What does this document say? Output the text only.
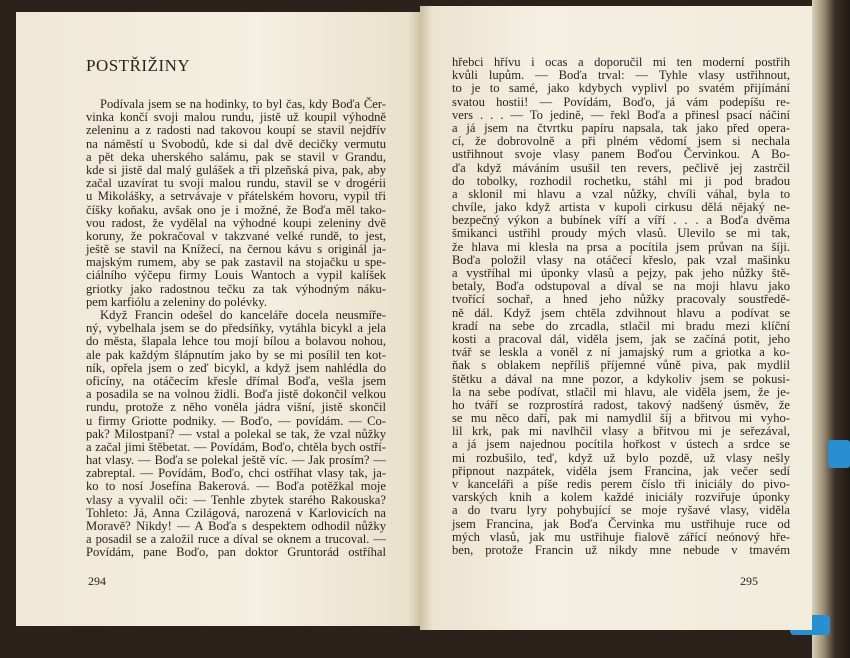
POSTŘIŽINY
Podívala jsem se na hodinky, to byl čas, kdy Boďa Čer-
vinka končí svoji malou rundu, jistě už koupil výhodně
zeleninu a z radosti nad takovou koupí se stavil nejdřív
na náměstí u Svobodů, kde si dal dvě decičky vermutu
a pět deka uherského salámu, pak se stavil v Grandu,
kde si jistě dal malý gulášek a tři plzeňská piva, pak, aby
začal uzavírat tu svoji malou rundu, stavil se v drogérii
u Mikolášky, a setrvávaje v přátelském hovoru, vypil tři
číšky koňaku, avšak ono je i možné, že Boďa měl tako-
vou radost, že vydělal na výhodné koupi zeleniny dvě
koruny, že pokračoval v takzvané velké rundě, to jest,
ještě se stavil na Knížecí, na černou kávu s originál ja-
majským rumem, aby se pak zastavil na stojačku u spe-
ciálního výčepu firmy Louis Wantoch a vypil kalíšek
griotky jako radostnou tečku za tak výhodným náku-
pem karfiólu a zeleniny do polévky.
Když Francin odešel do kanceláře docela neusmíře-
ný, vybelhala jsem se do předsíňky, vytáhla bicykl a jela
do města, šlapala lehce tou mojí bílou a bolavou nohou,
ale pak každým šlápnutím jako by se mi posílil ten kot-
ník, opřela jsem o zeď bicykl, a když jsem nahlédla do
oficíny, na otáčecím křesle dřímal Boďa, vešla jsem
a posadila se na volnou židli. Boďa jistě dokončil velkou
rundu, protože z něho voněla jádra višní, jistě skončil
u firmy Griotte podniky. — Boďo, — povídám. — Co-
pak? Milostpaní? — vstal a polekal se tak, že vzal nůžky
a začal jimi štěbetat. — Povídám, Boďo, chtěla bych ostří-
hat vlasy. — Boďa se polekal ještě víc. — Jak prosím? —
zabreptal. — Povídám, Boďo, chci ostříhat vlasy tak, ja-
ko to nosí Josefína Bakerová. — Boďa potěžkal moje
vlasy a vyvalil oči: — Tenhle zbytek starého Rakouska?
Tohleto: Já, Anna Czilágová, narozená v Karlovicích na
Moravě? Nikdy! — A Boďa s despektem odhodil nůžky
a posadil se a založil ruce a díval se oknem a trucoval. —
Povídám, pane Boďo, pan doktor Gruntorád ostříhal
hřebci hřívu i ocas a doporučil mi ten moderní postřih
kvůli lupům. — Boďa trval: — Tyhle vlasy ustřihnout,
to je to samé, jako kdybych vyplivl po svatém přijímání
svatou hostii! — Povídám, Boďo, já vám podepíšu re-
vers . . . — To jedině, — řekl Boďa a přinesl psací náčiní
a já jsem na čtvrtku papíru napsala, tak jako před opera-
cí, že dobrovolně a při plném vědomí jsem si nechala
ustřihnout svoje vlasy panem Boďou Červinkou. A Bo-
ďa když máváním usušil ten revers, pečlivě jej zastrčil
do tobolky, rozhodil rochetku, stáhl mi ji pod bradou
a sklonil mi hlavu a vzal nůžky, chvíli váhal, byla to
chvíle, jako když artista v kupoli cirkusu dělá nějaký ne-
bezpečný výkon a bubínek víří a víří . . . a Boďa dvěma
šmikanci ustřihl proudy mých vlasů. Ulevilo se mi tak,
že hlava mi klesla na prsa a pocítila jsem průvan na šíji.
Boďa položil vlasy na otáčecí křeslo, pak vzal mašinku
a vystříhal mi úponky vlasů a pejzy, pak jeho nůžky ště-
betaly, Boďa odstupoval a díval se na moji hlavu jako
tvořící sochař, a hned jeho nůžky pracovaly soustředě-
ně dál. Když jsem chtěla zdvihnout hlavu a podívat se
kradí na sebe do zrcadla, stlačil mi bradu mezi klíční
kosti a pracoval dál, viděla jsem, jak se začíná potit, jeho
tvář se leskla a voněl z ní jamajský rum a griotka a ko-
ňak s oblakem nepříliš příjemné vůně piva, pak mydlil
štětku a dával na mne pozor, a kdykoliv jsem se pokusi-
la na sebe podívat, stlačil mi hlavu, ale viděla jsem, že je-
ho tváří se rozprostírá radost, takový nadšený úsměv, že
se mu něco daří, pak mi namydlil šíj a břitvou mi vyho-
lil krk, pak mi navlhčil vlasy a břitvou mi je seřezával,
a já jsem najednou pocítila hořkost v ústech a srdce se
mi rozbušilo, teď, když už bylo pozdě, už vlasy nešly
připnout nazpátek, viděla jsem Francina, jak večer sedí
v kanceláři a píše redis perem číslo tři iniciály do pivo-
varských knih a kolem každé iniciály rozviřuje úponky
a do tvaru lyry pohybující se moje ryšavé vlasy, viděla
jsem Francina, jak Boďa Červinka mu ustřihuje ruce od
mých vlasů, jak mu ustřihuje fialově zářící neónový hře-
ben, protože Francin už nikdy mne nebude v tmavém
294	295
